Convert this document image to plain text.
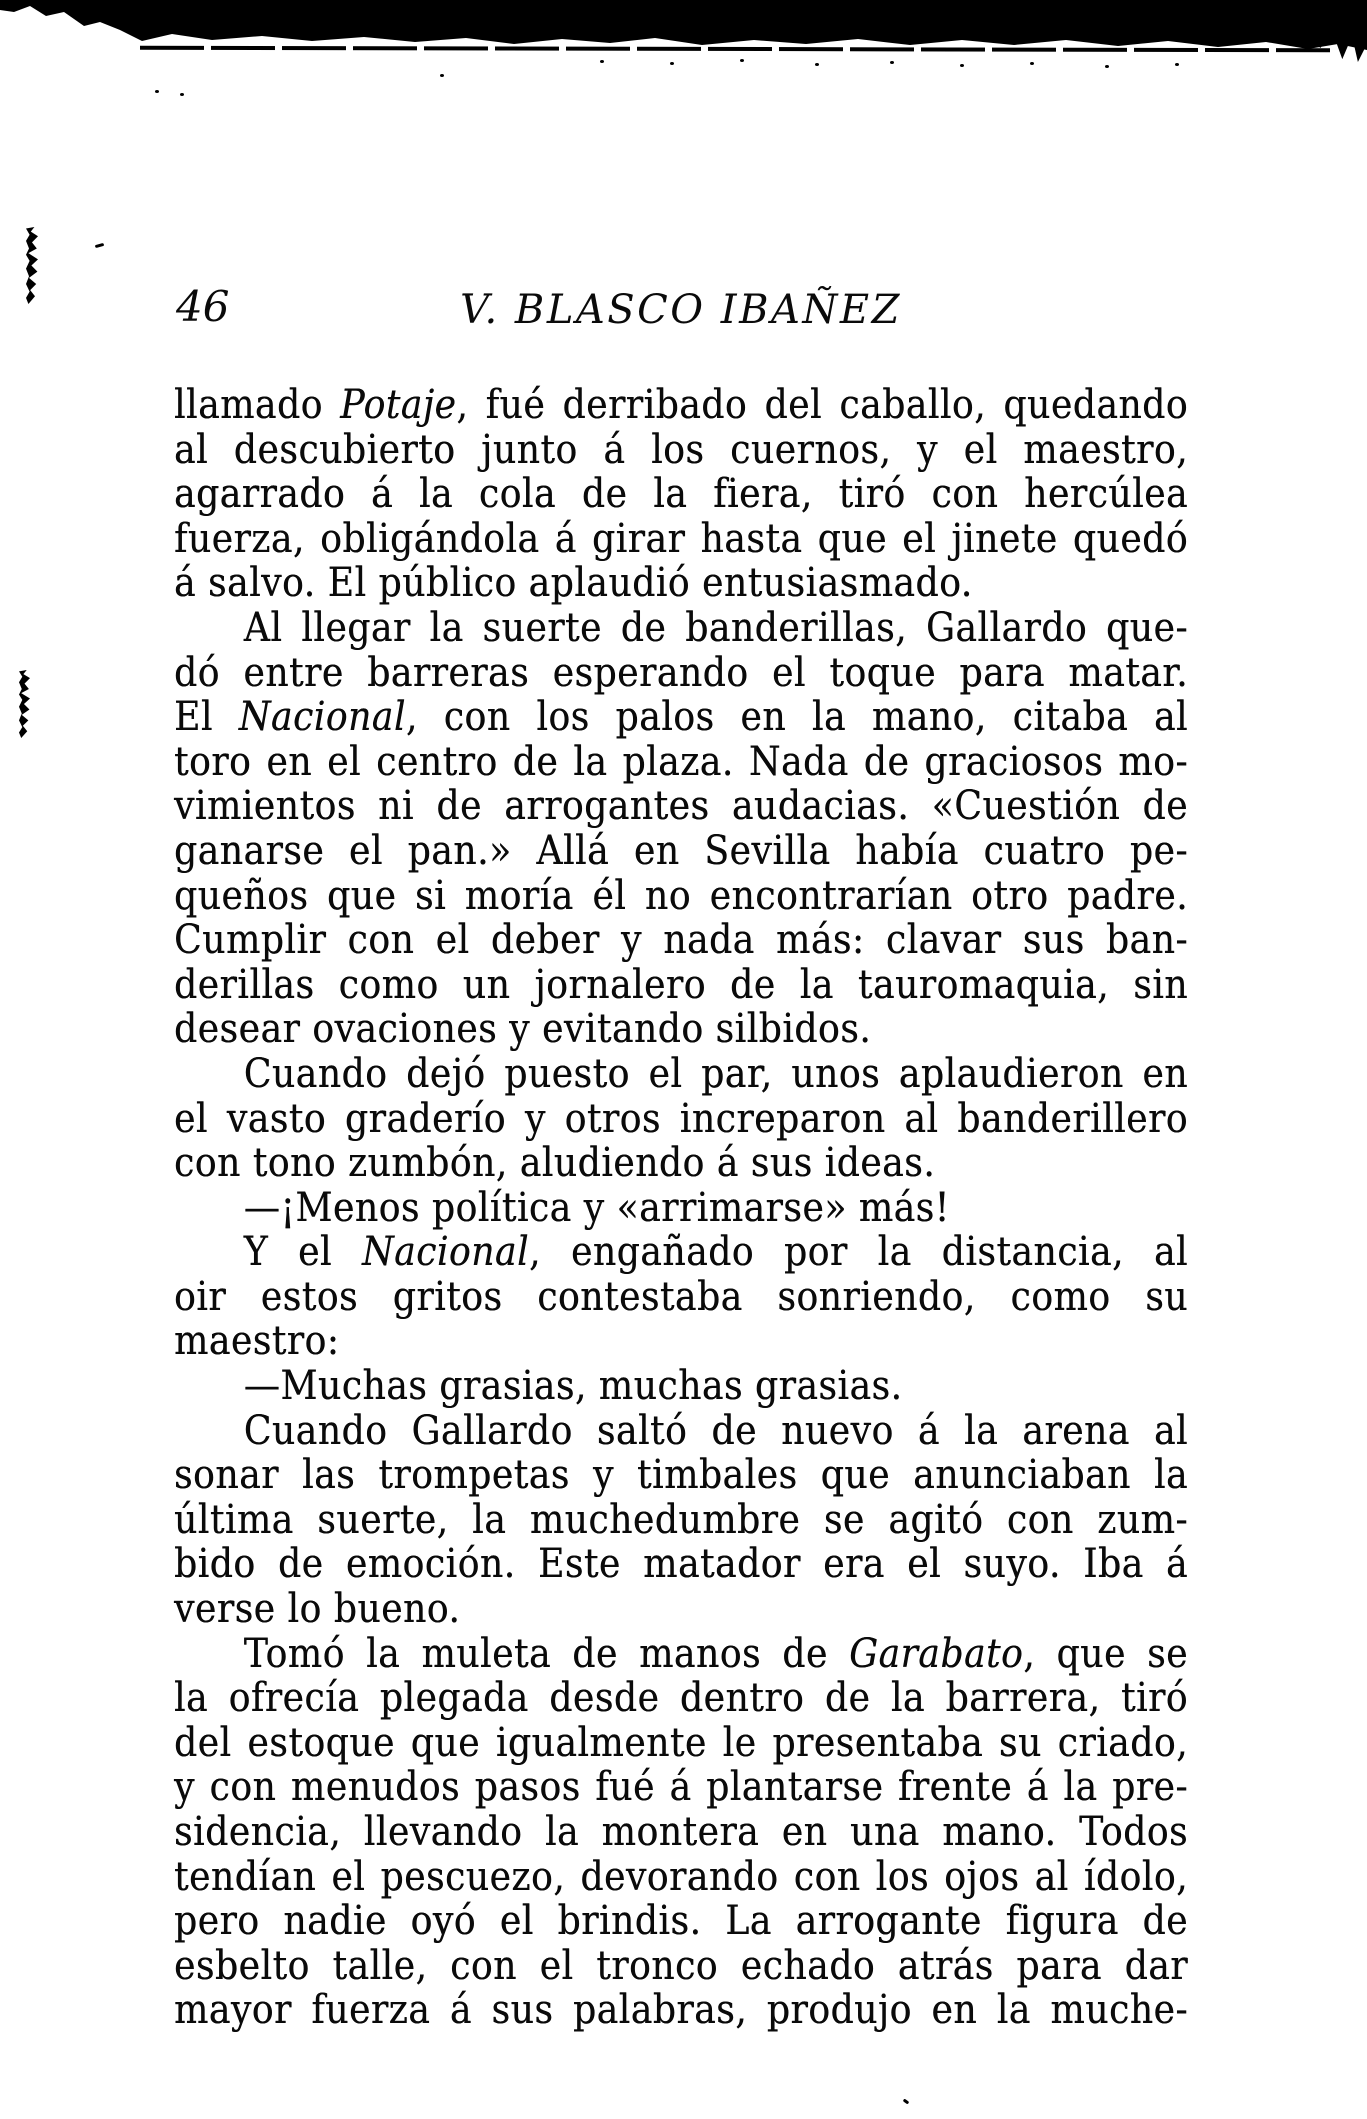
46	V. BLASCO IBAÑEZ
llamado Potaje, fué derribado del caballo, quedando
al descubierto junto á los cuernos, y el maestro,
agarrado á la cola de la fiera, tiró con hercúlea
fuerza, obligándola á girar hasta que el jinete quedó
á salvo. El público aplaudió entusiasmado.
Al llegar la suerte de banderillas, Gallardo que-
dó entre barreras esperando el toque para matar.
El Nacional, con los palos en la mano, citaba al
toro en el centro de la plaza. Nada de graciosos mo-
vimientos ni de arrogantes audacias. «Cuestión de
ganarse el pan.» Allá en Sevilla había cuatro pe-
queños que si moría él no encontrarían otro padre.
Cumplir con el deber y nada más: clavar sus ban-
derillas como un jornalero de la tauromaquia, sin
desear ovaciones y evitando silbidos.
Cuando dejó puesto el par, unos aplaudieron en
el vasto graderío y otros increparon al banderillero
con tono zumbón, aludiendo á sus ideas.
—¡Menos política y «arrimarse» más!
Y el Nacional, engañado por la distancia, al
oir estos gritos contestaba sonriendo, como su
maestro:
—Muchas grasias, muchas grasias.
Cuando Gallardo saltó de nuevo á la arena al
sonar las trompetas y timbales que anunciaban la
última suerte, la muchedumbre se agitó con zum-
bido de emoción. Este matador era el suyo. Iba á
verse lo bueno.
Tomó la muleta de manos de Garabato, que se
la ofrecía plegada desde dentro de la barrera, tiró
del estoque que igualmente le presentaba su criado,
y con menudos pasos fué á plantarse frente á la pre-
sidencia, llevando la montera en una mano. Todos
tendían el pescuezo, devorando con los ojos al ídolo,
pero nadie oyó el brindis. La arrogante figura de
esbelto talle, con el tronco echado atrás para dar
mayor fuerza á sus palabras, produjo en la muche-
